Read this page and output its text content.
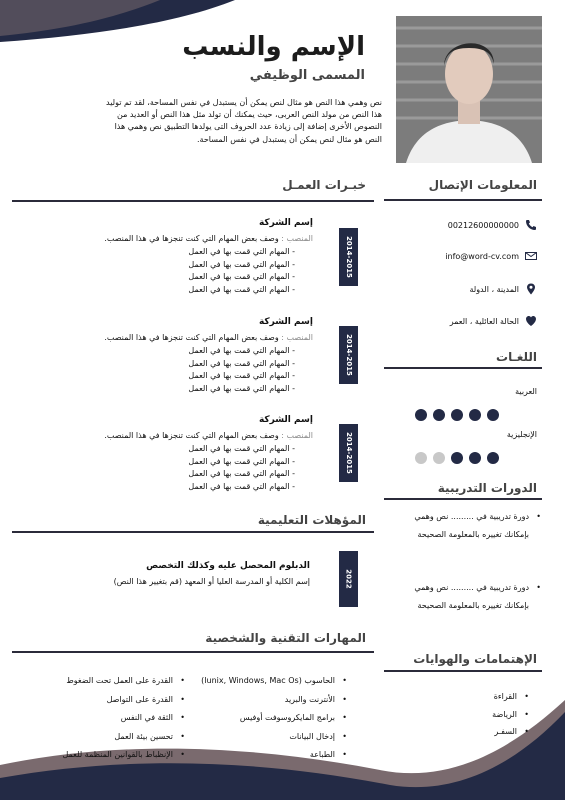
الإسم والنسب
المسمى الوظيفي
نص وهمي هذا النص هو مثال لنص يمكن أن يستبدل في نفس المساحة، لقد تم توليد هذا النص من مولد النص العربى، حيث يمكنك أن تولد مثل هذا النص أو العديد من النصوص الأخرى إضافة إلى زيادة عدد الحروف التى يولدها التطبيق نص وهمي هذا النص هو مثال لنص يمكن أن يستبدل في نفس المساحة.
خبـرات العمـل
2014-2015
إسم الشركة
المنصب : وصف بعض المهام التي كنت تنجزها في هذا المنصب.
- المهام التي قمت بها في العمل
- المهام التي قمت بها في العمل
- المهام التي قمت بها في العمل
- المهام التي قمت بها في العمل
2014-2015
إسم الشركة
المنصب : وصف بعض المهام التي كنت تنجزها في هذا المنصب.
- المهام التي قمت بها في العمل
- المهام التي قمت بها في العمل
- المهام التي قمت بها في العمل
- المهام التي قمت بها في العمل
2014-2015
إسم الشركة
المنصب : وصف بعض المهام التي كنت تنجزها في هذا المنصب.
- المهام التي قمت بها في العمل
- المهام التي قمت بها في العمل
- المهام التي قمت بها في العمل
- المهام التي قمت بها في العمل
المؤهلات التعليمية
2022
الدبلوم المحصل عليه وكذلك التخصص
إسم الكلية أو المدرسة العليا أو المعهد (قم بتغيير هذا النص)
المهارات التقنية والشخصية
• الحاسوب (lunix, Windows, Mac Os)
• الأنترنت والبريد
• برامج المايكروسوفت أوفيس
• إدخال البيانات
• الطباعة
• القدرة على العمل تحت الضغوط
• القدرة على التواصل
• الثقة في النفس
• تحسين بيئة العمل
• الإنظباط بالقوانين المنظمة للعمل
المعلومات الإتصال
00212600000000
info@word-cv.com
المدينة ، الدولة
الحالة العائلية ، العمر
اللغـات
العربية
الإنجليزية
الدورات التدريبية
•
دورة تدريبية في ......... نص وهمي بإمكانك تغييره بالمعلومة الصحيحة
•
دورة تدريبية في ......... نص وهمي بإمكانك تغييره بالمعلومة الصحيحة
الإهتمامات والهوايات
• القراءة
• الرياضة
• السفـر
